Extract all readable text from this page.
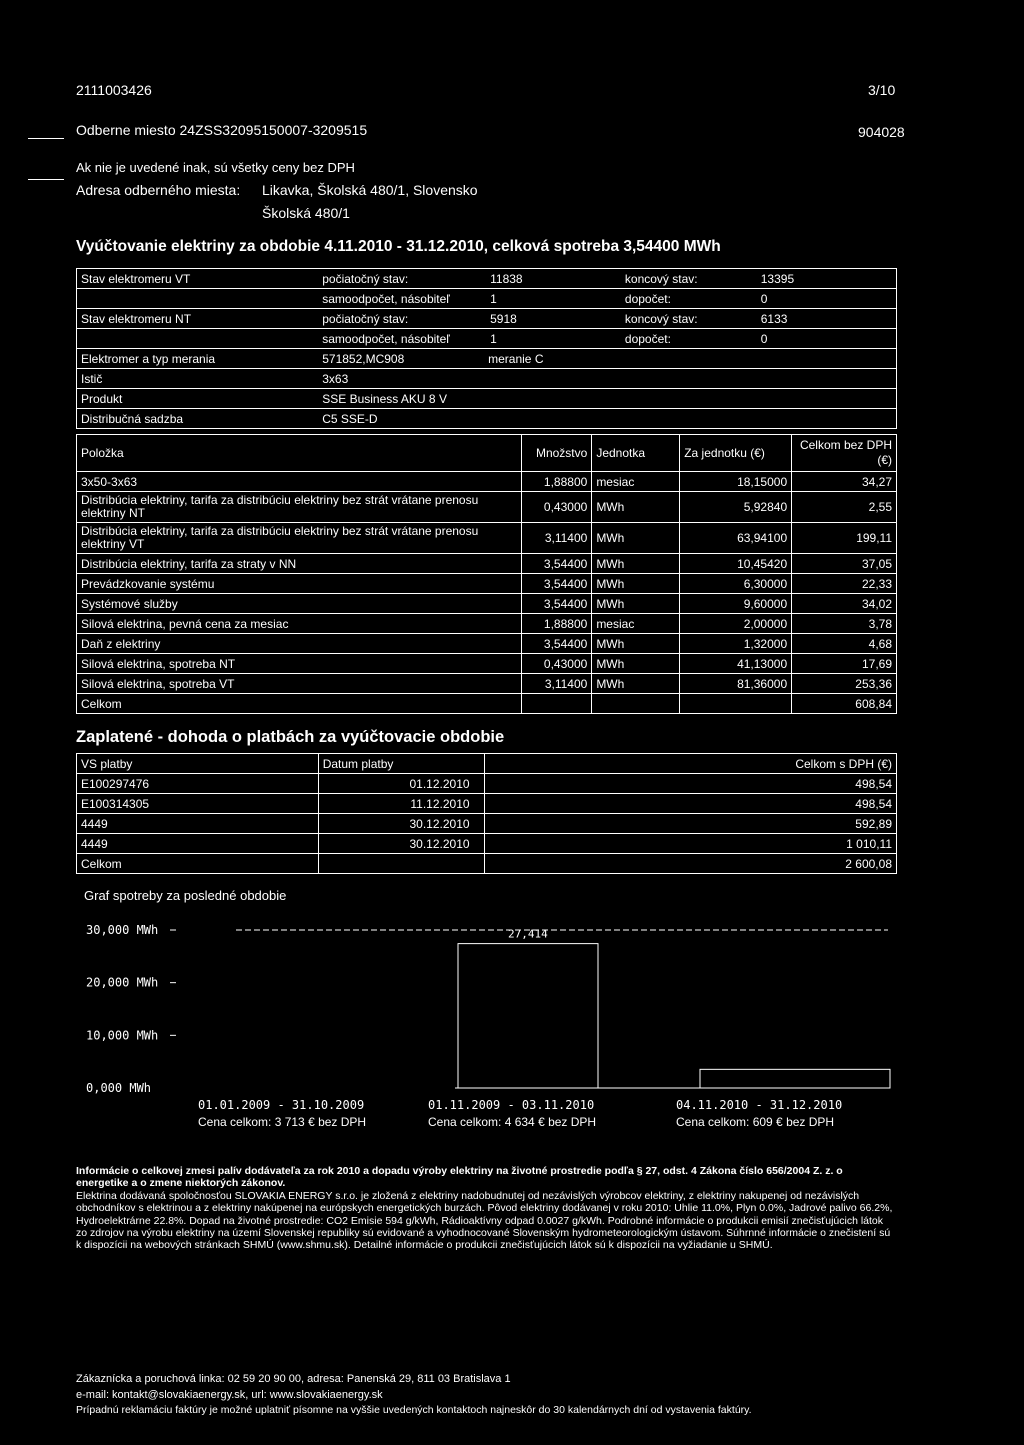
2111003426	3/10
Odberne miesto 24ZSS32095150007-3209515	904028
Ak nie je uvedené inak, sú všetky ceny bez DPH
Adresa odberného miesta: Likavka, Školská 480/1, Slovensko
Školská 480/1
Vyúčtovanie elektriny za obdobie 4.11.2010 - 31.12.2010, celková spotreba 3,54400 MWh
Stav elektromeru VT	počiatočný stav:	11838	koncový stav:	13395
	samoodpočet, násobiteľ	1	dopočet:	0
Stav elektromeru NT	počiatočný stav:	5918	koncový stav:	6133
	samoodpočet, násobiteľ	1	dopočet:	0
Elektromer a typ merania	571852,MC908	meranie C		
Istič	3x63			
Produkt	SSE Business AKU 8 V			
Distribučná sadzba	C5 SSE-D			
Položka	Množstvo	Jednotka	Za jednotku (€)	Celkom bez DPH (€)
3x50-3x63	1,88800	mesiac	18,15000	34,27
Distribúcia elektriny, tarifa za distribúciu elektriny bez strát vrátane prenosu elektriny NT	0,43000	MWh	5,92840	2,55
Distribúcia elektriny, tarifa za distribúciu elektriny bez strát vrátane prenosu elektriny VT	3,11400	MWh	63,94100	199,11
Distribúcia elektriny, tarifa za straty v NN	3,54400	MWh	10,45420	37,05
Prevádzkovanie systému	3,54400	MWh	6,30000	22,33
Systémové služby	3,54400	MWh	9,60000	34,02
Silová elektrina, pevná cena za mesiac	1,88800	mesiac	2,00000	3,78
Daň z elektriny	3,54400	MWh	1,32000	4,68
Silová elektrina, spotreba NT	0,43000	MWh	41,13000	17,69
Silová elektrina, spotreba VT	3,11400	MWh	81,36000	253,36
Celkom				608,84
Zaplatené - dohoda o platbách za vyúčtovacie obdobie
VS platby	Datum platby	Celkom s DPH (€)
E100297476	01.12.2010	498,54
E100314305	11.12.2010	498,54
4449	30.12.2010	592,89
4449	30.12.2010	1 010,11
Celkom		2 600,08
Graf spotreby za posledné obdobie
30,000 MWh
20,000 MWh
10,000 MWh
0,000 MWh
27,414
01.01.2009 - 31.10.2009
Cena celkom: 3 713 € bez DPH
01.11.2009 - 03.11.2010
Cena celkom: 4 634 € bez DPH
04.11.2010 - 31.12.2010
Cena celkom: 609 € bez DPH
Informácie o celkovej zmesi palív dodávateľa za rok 2010 a dopadu výroby elektriny na životné prostredie podľa § 27, odst. 4 Zákona číslo 656/2004 Z. z. o energetike a o zmene niektorých zákonov.
Elektrina dodávaná spoločnosťou SLOVAKIA ENERGY s.r.o. je zložená z elektriny nadobudnutej od nezávislých výrobcov elektriny, z elektriny nakupenej od nezávislých obchodníkov s elektrinou a z elektriny nakúpenej na európskych energetických burzách. Pôvod elektriny dodávanej v roku 2010: Uhlie 11.0%, Plyn 0.0%, Jadrové palivo 66.2%, Hydroelektrárne 22.8%. Dopad na životné prostredie: CO2 Emisie 594 g/kWh, Rádioaktívny odpad 0.0027 g/kWh. Podrobné informácie o produkcii emisií znečisťujúcich látok zo zdrojov na výrobu elektriny na území Slovenskej republiky sú evidované a vyhodnocované Slovenským hydrometeorologickým ústavom. Súhrnné informácie o znečistení sú k dispozícii na webových stránkach SHMÚ (www.shmu.sk). Detailné informácie o produkcii znečisťujúcich látok sú k dispozícii na vyžiadanie u SHMÚ.
Zákaznícka a poruchová linka: 02 59 20 90 00, adresa: Panenská 29, 811 03 Bratislava 1
e-mail: kontakt@slovakiaenergy.sk, url: www.slovakiaenergy.sk
Prípadnú reklamáciu faktúry je možné uplatniť písomne na vyššie uvedených kontaktoch najneskôr do 30 kalendárnych dní od vystavenia faktúry.
